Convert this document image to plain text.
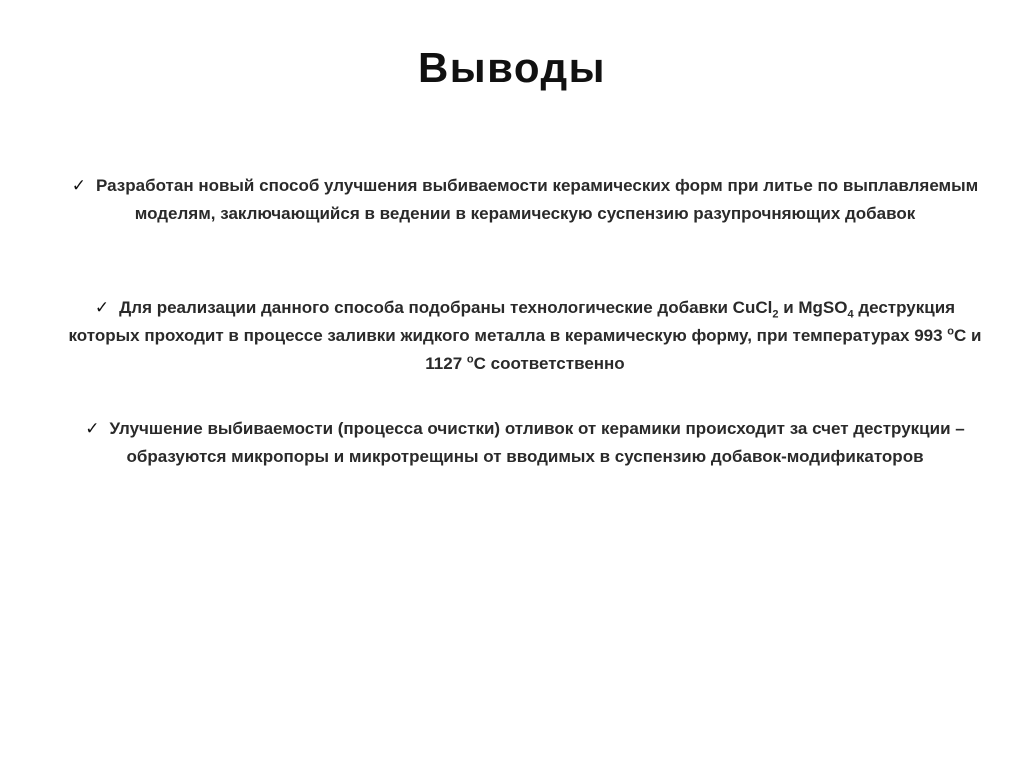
Выводы
✓ Разработан новый способ улучшения выбиваемости керамических форм при литье по выплавляемым моделям, заключающийся в ведении в керамическую суспензию разупрочняющих добавок
✓ Для реализации данного способа подобраны технологические добавки CuCl$_2$ и MgSO$_4$ деструкция которых проходит в процессе заливки жидкого металла в керамическую форму, при температурах 993 $^о$С и 1127 $^о$С соответственно
✓ Улучшение выбиваемости (процесса очистки) отливок от керамики происходит за счет деструкции – образуются микропоры и микротрещины от вводимых в суспензию добавок-модификаторов
